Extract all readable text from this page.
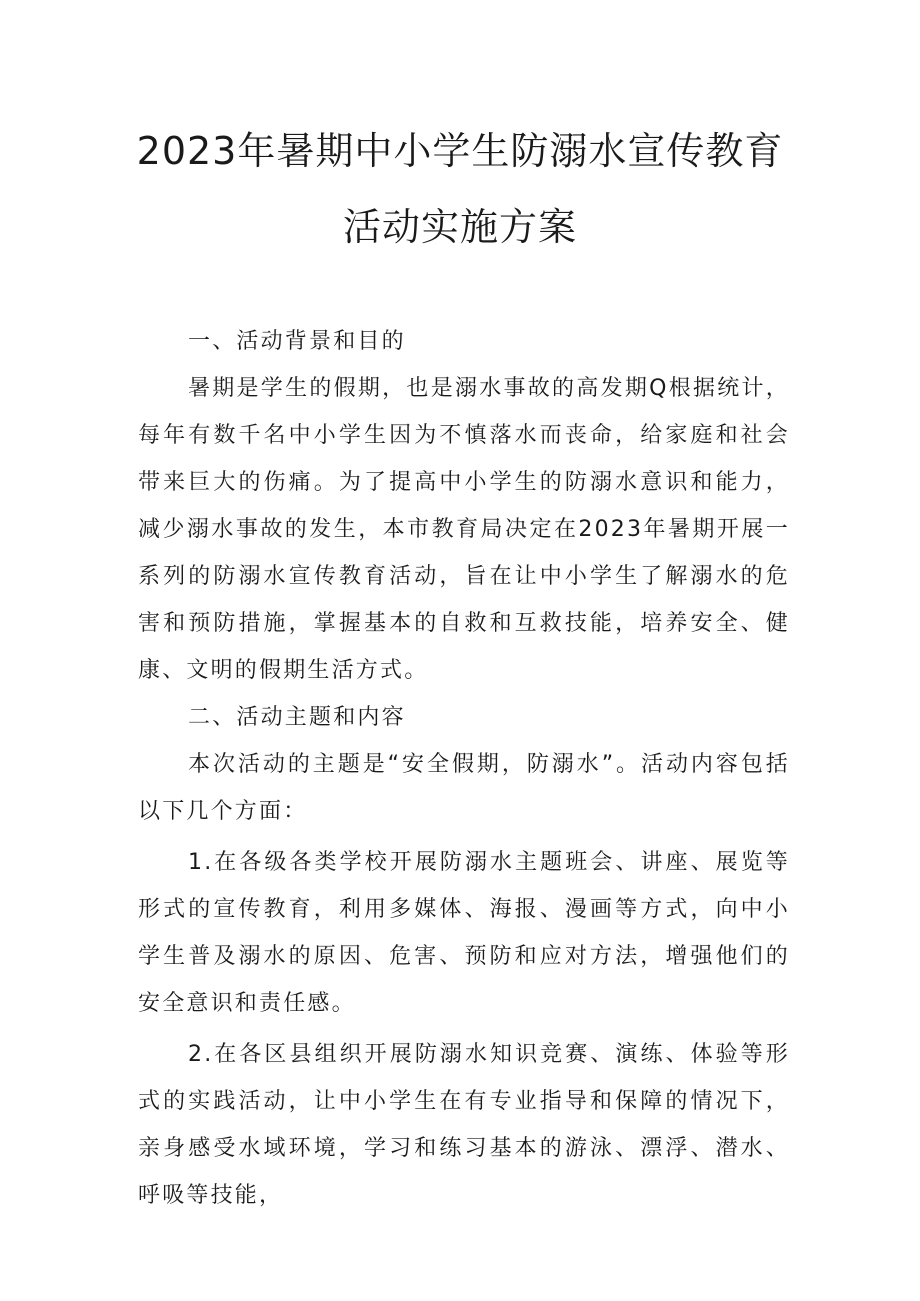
2023年暑期中小学生防溺水宣传教育
活动实施方案

一、活动背景和目的

暑期是学生的假期，也是溺水事故的高发期Q根据统计，每年有数千名中小学生因为不慎落水而丧命，给家庭和社会带来巨大的伤痛。为了提高中小学生的防溺水意识和能力，减少溺水事故的发生，本市教育局决定在2023年暑期开展一系列的防溺水宣传教育活动，旨在让中小学生了解溺水的危害和预防措施，掌握基本的自救和互救技能，培养安全、健康、文明的假期生活方式。

二、活动主题和内容

本次活动的主题是“安全假期，防溺水”。活动内容包括以下几个方面：

1.在各级各类学校开展防溺水主题班会、讲座、展览等形式的宣传教育，利用多媒体、海报、漫画等方式，向中小学生普及溺水的原因、危害、预防和应对方法，增强他们的安全意识和责任感。

2.在各区县组织开展防溺水知识竞赛、演练、体验等形式的实践活动，让中小学生在有专业指导和保障的情况下，亲身感受水域环境，学习和练习基本的游泳、漂浮、潜水、呼吸等技能，
